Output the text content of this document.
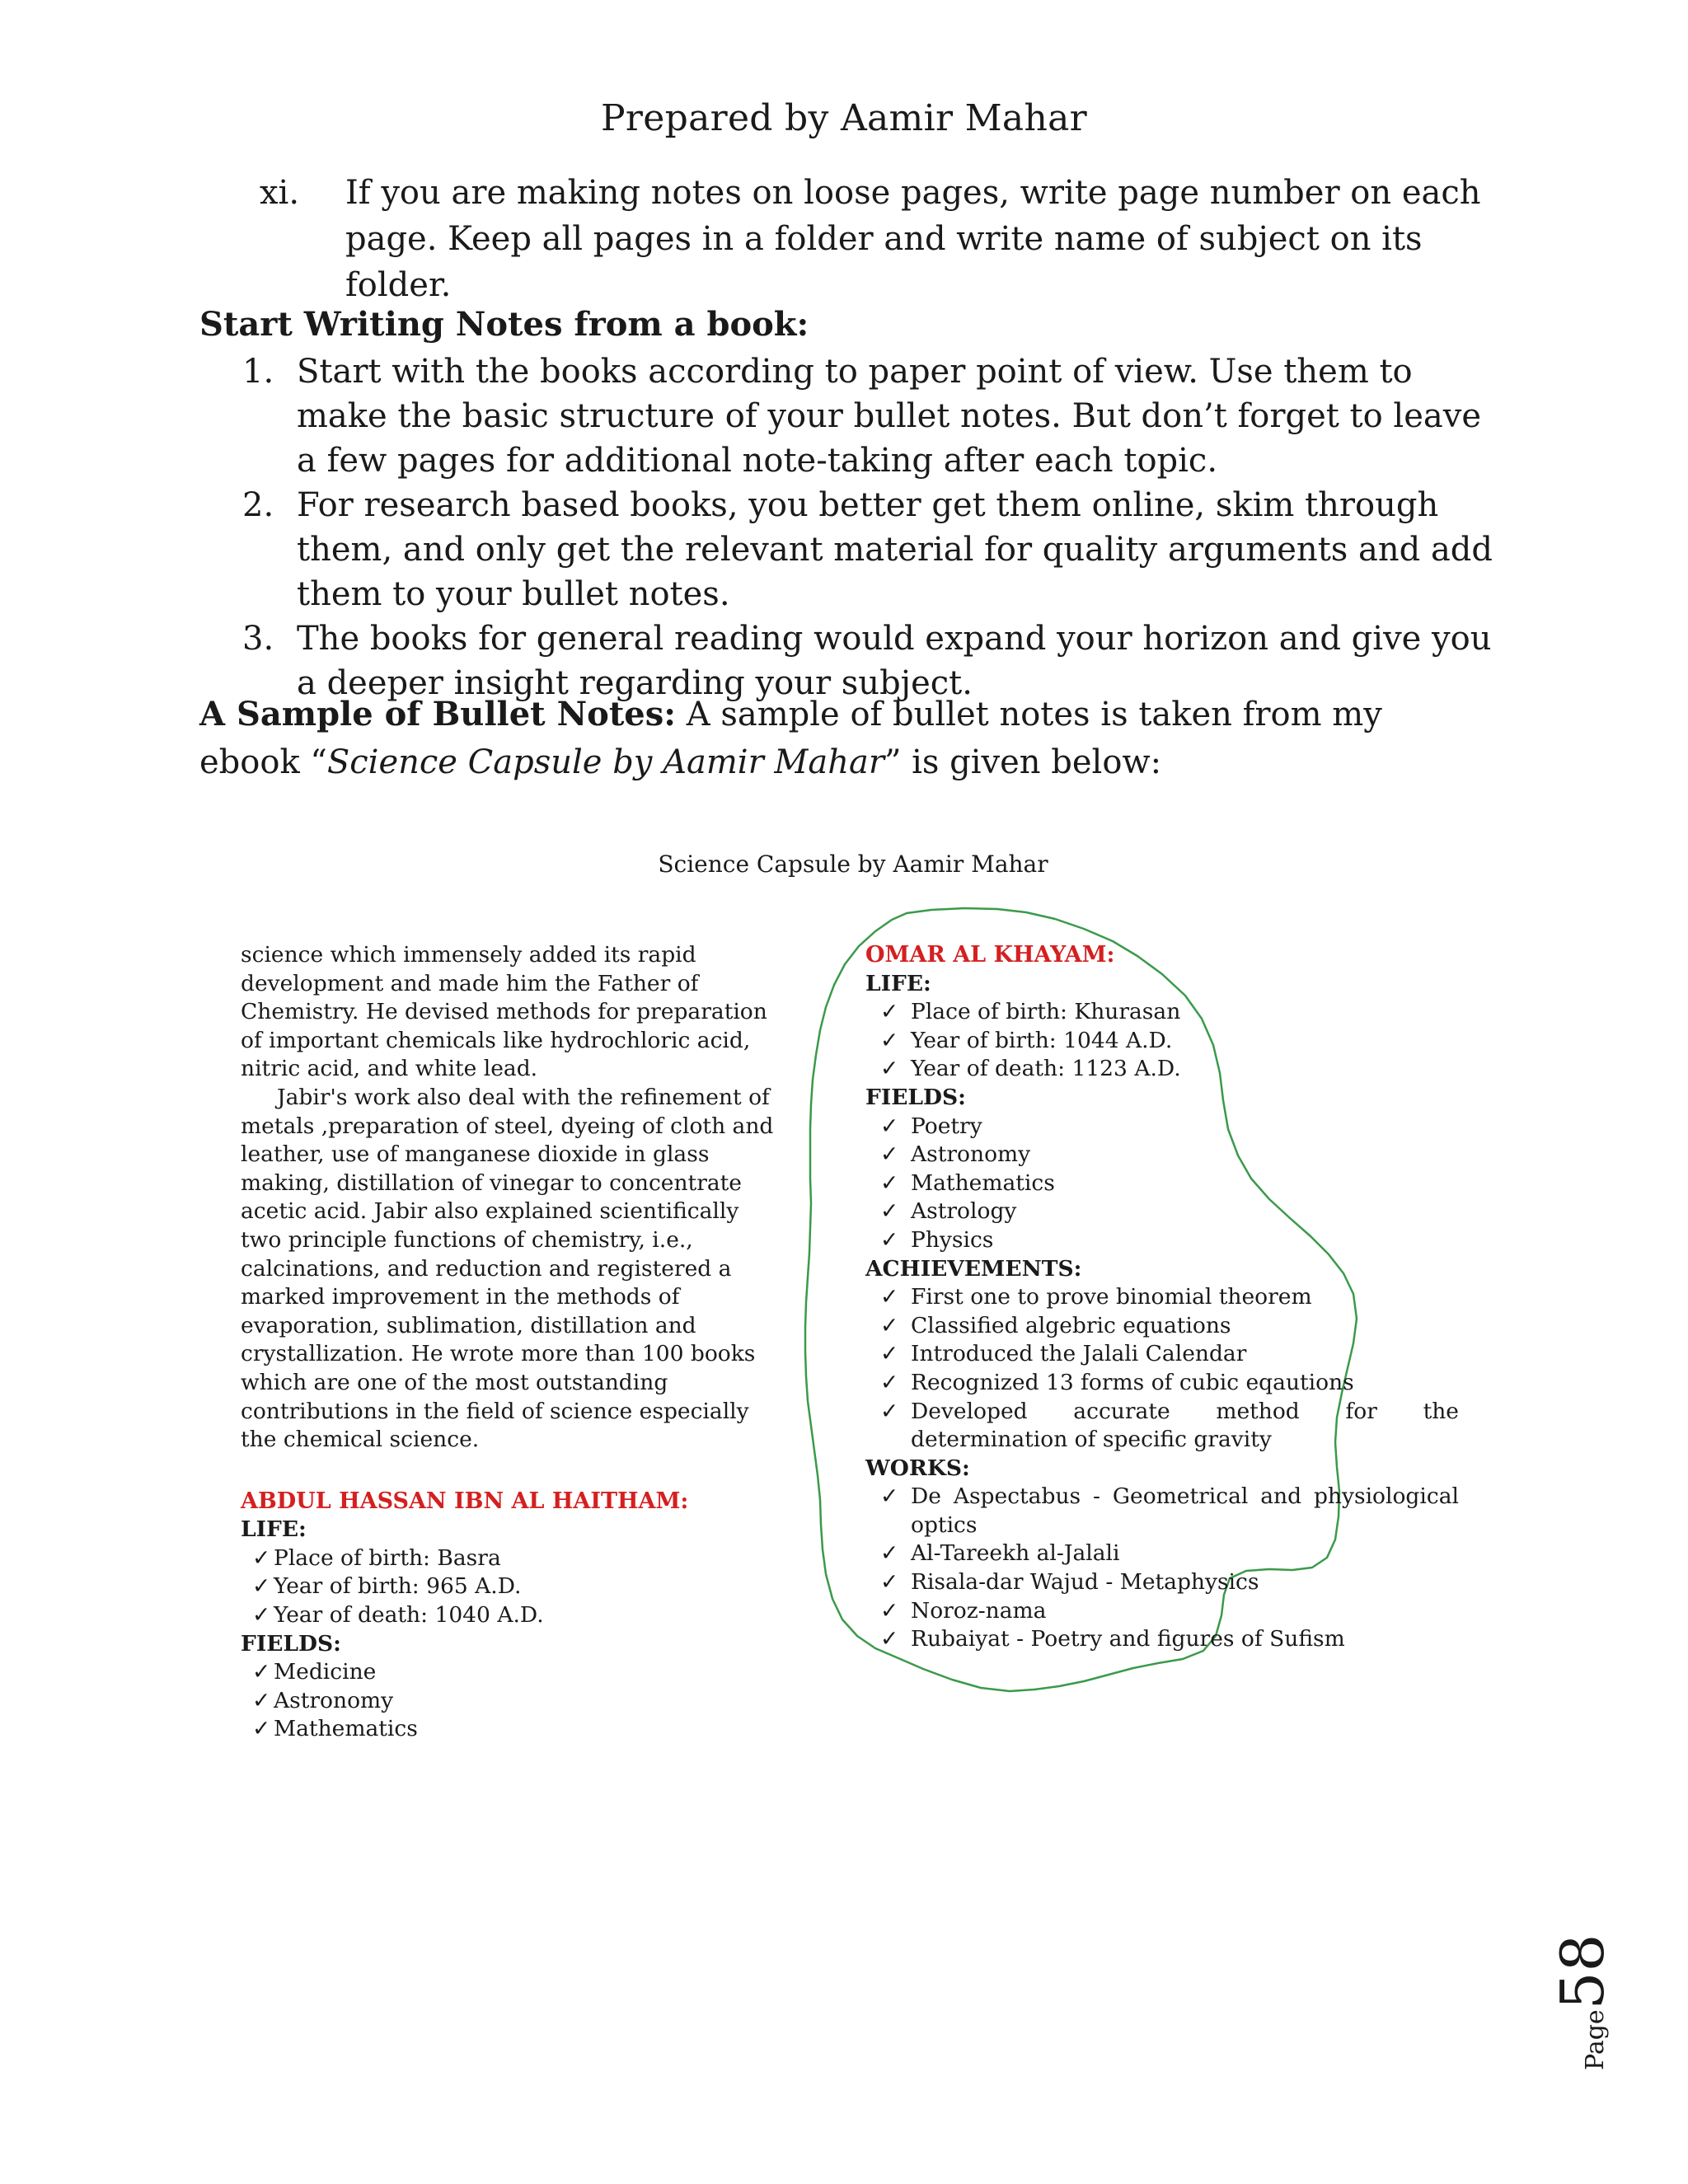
Prepared by Aamir Mahar
xi. If you are making notes on loose pages, write page number on each page. Keep all pages in a folder and write name of subject on its folder.
Start Writing Notes from a book:
1. Start with the books according to paper point of view. Use them to make the basic structure of your bullet notes. But don’t forget to leave a few pages for additional note-taking after each topic.
2. For research based books, you better get them online, skim through them, and only get the relevant material for quality arguments and add them to your bullet notes.
3. The books for general reading would expand your horizon and give you a deeper insight regarding your subject.

A Sample of Bullet Notes: A sample of bullet notes is taken from my ebook “Science Capsule by Aamir Mahar” is given below:

Science Capsule by Aamir Mahar

science which immensely added its rapid development and made him the Father of Chemistry. He devised methods for preparation of important chemicals like hydrochloric acid, nitric acid, and white lead.

Jabir's work also deal with the refinement of metals ,preparation of steel, dyeing of cloth and leather, use of manganese dioxide in glass making, distillation of vinegar to concentrate acetic acid. Jabir also explained scientifically two principle functions of chemistry, i.e., calcinations, and reduction and registered a marked improvement in the methods of evaporation, sublimation, distillation and crystallization. He wrote more than 100 books which are one of the most outstanding contributions in the field of science especially the chemical science.

ABDUL HASSAN IBN AL HAITHAM:
LIFE:
✓ Place of birth: Basra
✓ Year of birth: 965 A.D.
✓ Year of death: 1040 A.D.
FIELDS:
✓ Medicine
✓ Astronomy
✓ Mathematics
OMAR AL KHAYAM:
LIFE:
✓ Place of birth: Khurasan
✓ Year of birth: 1044 A.D.
✓ Year of death: 1123 A.D.
FIELDS:
✓ Poetry
✓ Astronomy
✓ Mathematics
✓ Astrology
✓ Physics
ACHIEVEMENTS:
✓ First one to prove binomial theorem
✓ Classified algebric equations
✓ Introduced the Jalali Calendar
✓ Recognized 13 forms of cubic eqautions
✓ Developed accurate method for the
determination of specific gravity
WORKS:
✓ De Aspectabus - Geometrical and physiological
optics
✓ Al-Tareekh al-Jalali
✓ Risala-dar Wajud - Metaphysics
✓ Noroz-nama
✓ Rubaiyat - Poetry and figures of Sufism
Page
58
